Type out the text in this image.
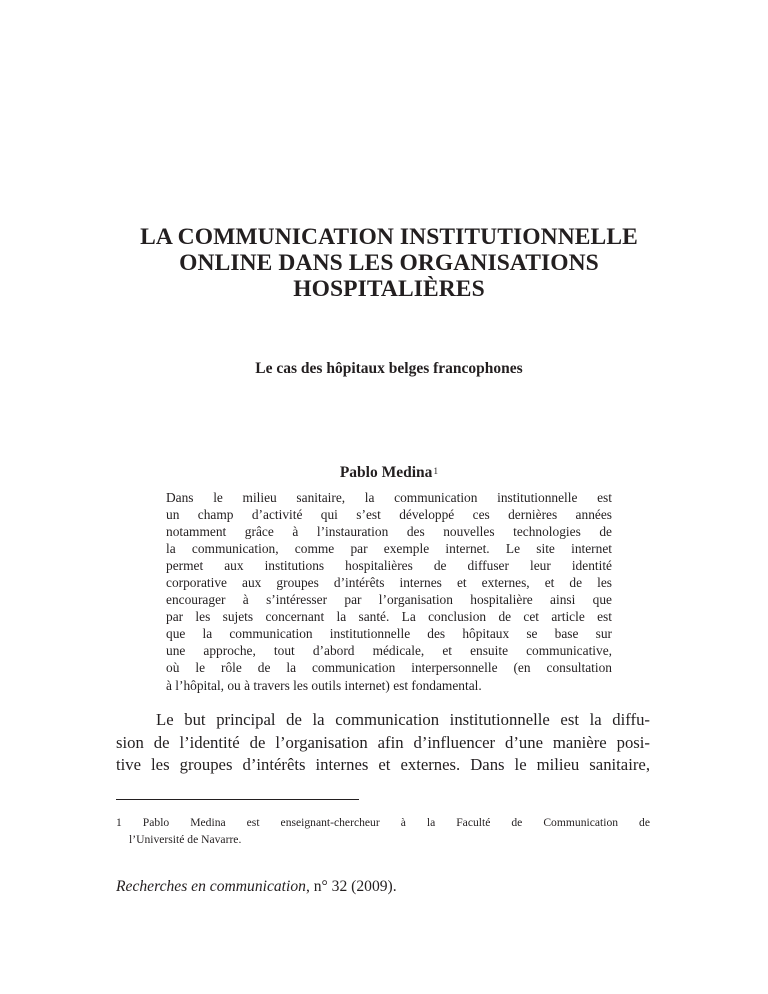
LA COMMUNICATION INSTITUTIONNELLE
ONLINE DANS LES ORGANISATIONS
HOSPITALIÈRES
Le cas des hôpitaux belges francophones

Pablo Medina$^1$

Dans le milieu sanitaire, la communication institutionnelle est
un champ d’activité qui s’est développé ces dernières années
notamment grâce à l’instauration des nouvelles technologies de
la communication, comme par exemple internet. Le site internet
permet aux institutions hospitalières de diffuser leur identité
corporative aux groupes d’intérêts internes et externes, et de les
encourager à s’intéresser par l’organisation hospitalière ainsi que
par les sujets concernant la santé. La conclusion de cet article est
que la communication institutionnelle des hôpitaux se base sur
une approche, tout d’abord médicale, et ensuite communicative,
où le rôle de la communication interpersonnelle (en consultation
à l’hôpital, ou à travers les outils internet) est fondamental.
Le but principal de la communication institutionnelle est la diffu-
sion de l’identité de l’organisation afin d’influencer d’une manière posi-
tive les groupes d’intérêts internes et externes. Dans le milieu sanitaire,
1 Pablo Medina est enseignant-chercheur à la Faculté de Communication de
l’Université de Navarre.

Recherches en communication, n° 32 (2009).
